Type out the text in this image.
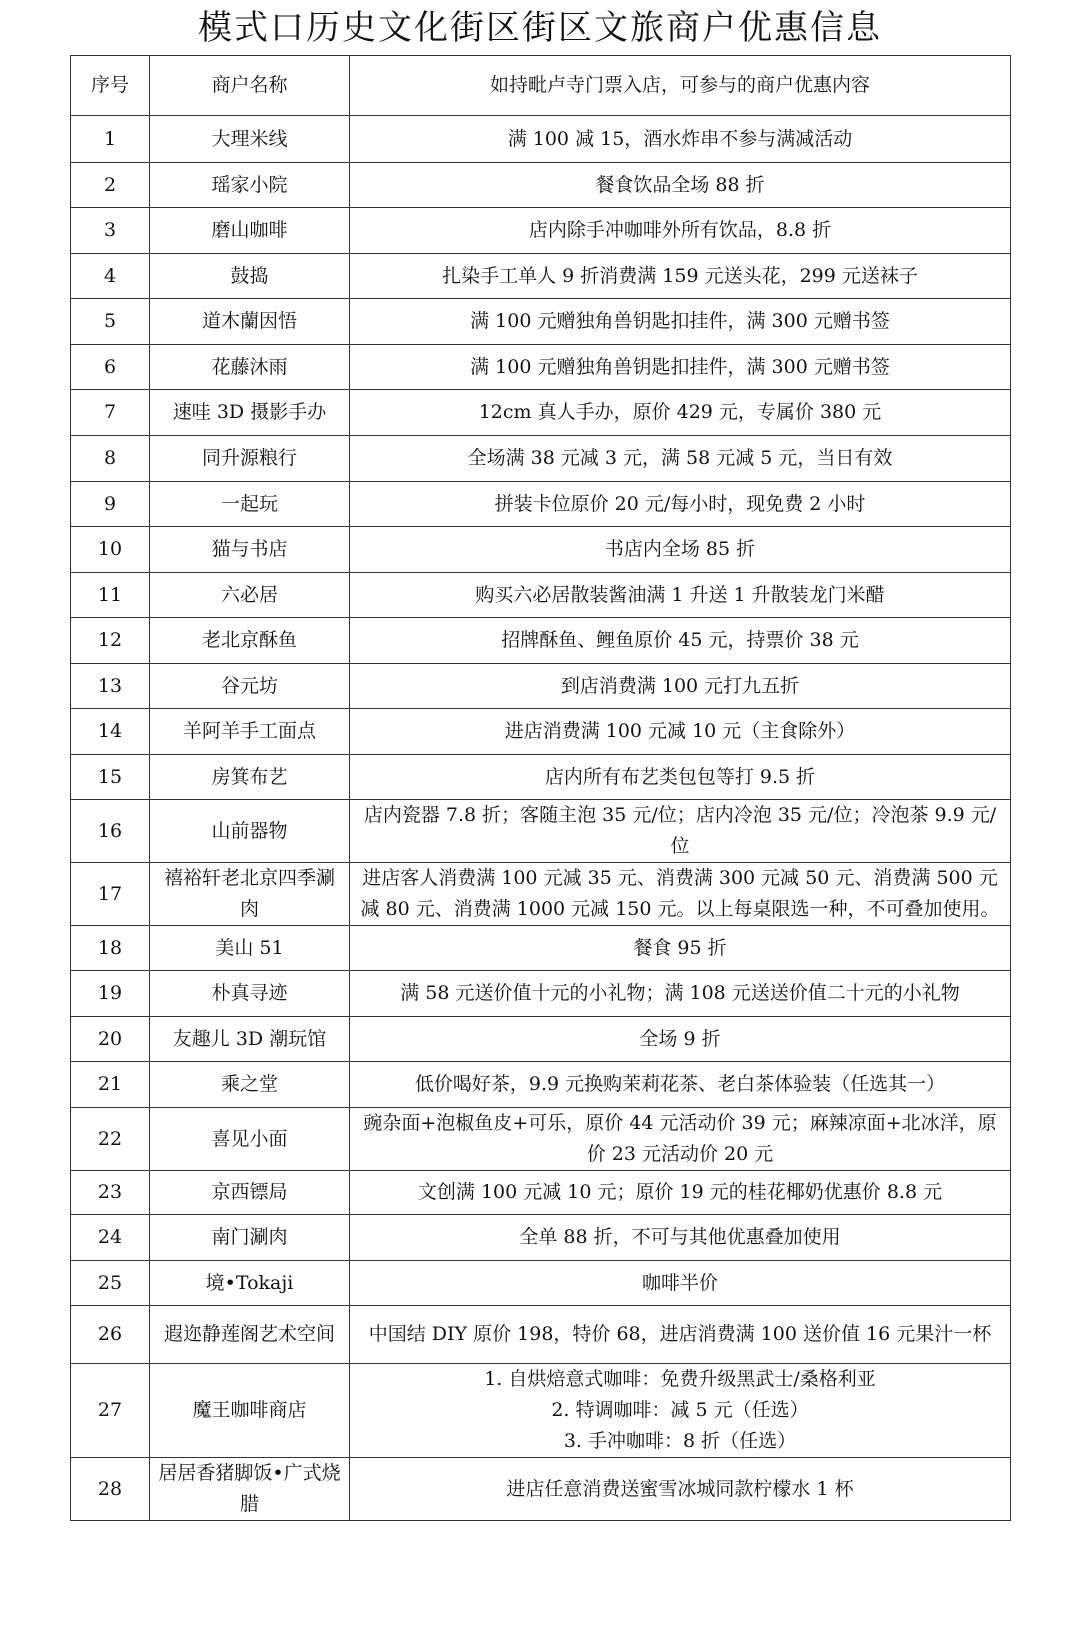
模式口历史文化街区街区文旅商户优惠信息
序号	商户名称	如持毗卢寺门票入店，可参与的商户优惠内容
1	大理米线	满 100 减 15，酒水炸串不参与满减活动
2	瑶家小院	餐食饮品全场 88 折
3	磨山咖啡	店内除手冲咖啡外所有饮品，8.8 折
4	鼓捣	扎染手工单人 9 折消费满 159 元送头花，299 元送袜子
5	道木蘭因悟	满 100 元赠独角兽钥匙扣挂件，满 300 元赠书签
6	花藤沐雨	满 100 元赠独角兽钥匙扣挂件，满 300 元赠书签
7	速哇 3D 摄影手办	12cm 真人手办，原价 429 元，专属价 380 元
8	同升源粮行	全场满 38 元减 3 元，满 58 元减 5 元，当日有效
9	一起玩	拼装卡位原价 20 元/每小时，现免费 2 小时
10	猫与书店	书店内全场 85 折
11	六必居	购买六必居散装酱油满 1 升送 1 升散装龙门米醋
12	老北京酥鱼	招牌酥鱼、鲤鱼原价 45 元，持票价 38 元
13	谷元坊	到店消费满 100 元打九五折
14	羊阿羊手工面点	进店消费满 100 元减 10 元（主食除外）
15	房箕布艺	店内所有布艺类包包等打 9.5 折
16	山前器物	店内瓷器 7.8 折；客随主泡 35 元/位；店内冷泡 35 元/位；冷泡茶 9.9 元/位
17	禧裕轩老北京四季涮肉	进店客人消费满 100 元减 35 元、消费满 300 元减 50 元、消费满 500 元减 80 元、消费满 1000 元减 150 元。以上每桌限选一种，不可叠加使用。
18	美山 51	餐食 95 折
19	朴真寻迹	满 58 元送价值十元的小礼物；满 108 元送送价值二十元的小礼物
20	友趣儿 3D 潮玩馆	全场 9 折
21	乘之堂	低价喝好茶，9.9 元换购茉莉花茶、老白茶体验装（任选其一）
22	喜见小面	豌杂面+泡椒鱼皮+可乐，原价 44 元活动价 39 元；麻辣凉面+北冰洋，原价 23 元活动价 20 元
23	京西镖局	文创满 100 元减 10 元；原价 19 元的桂花椰奶优惠价 8.8 元
24	南门涮肉	全单 88 折，不可与其他优惠叠加使用
25	境•Tokaji	咖啡半价
26	遐迩静莲阁艺术空间	中国结 DIY 原价 198，特价 68，进店消费满 100 送价值 16 元果汁一杯
27	魔王咖啡商店	1. 自烘焙意式咖啡：免费升级黑武士/桑格利亚
2. 特调咖啡：减 5 元（任选）
3. 手冲咖啡：8 折（任选）

28	居居香猪脚饭•广式烧腊	进店任意消费送蜜雪冰城同款柠檬水 1 杯
